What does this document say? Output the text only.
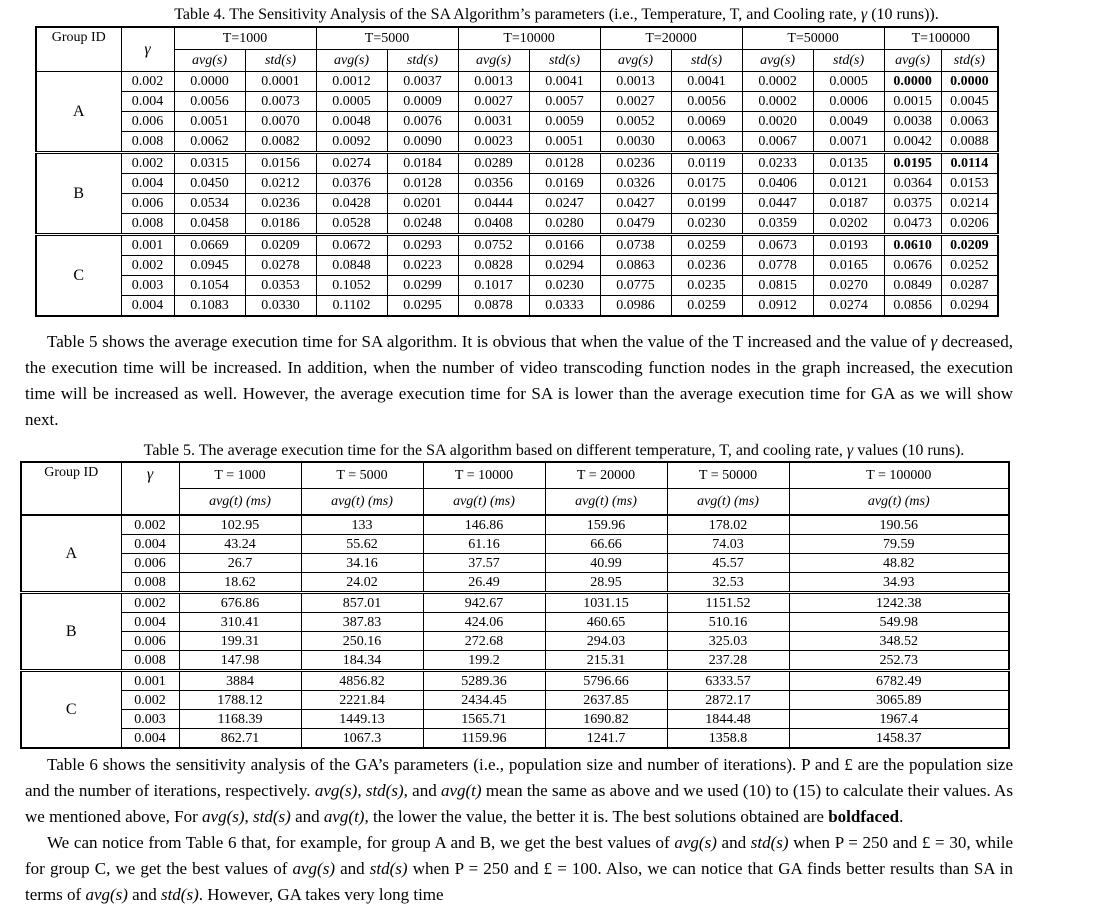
Table 4. The Sensitivity Analysis of the SA Algorithm’s parameters (i.e., Temperature, T, and Cooling rate, γ (10 runs)).
Group ID	γ	T=1000		T=5000		T=10000		T=20000		T=50000		T=100000	
		avg(s)	std(s)	avg(s)	std(s)	avg(s)	std(s)	avg(s)	std(s)	avg(s)	std(s)	avg(s)	std(s)
A	0.002	0.0000	0.0001	0.0012	0.0037	0.0013	0.0041	0.0013	0.0041	0.0002	0.0005	0.0000	0.0000
	0.004	0.0056	0.0073	0.0005	0.0009	0.0027	0.0057	0.0027	0.0056	0.0002	0.0006	0.0015	0.0045
	0.006	0.0051	0.0070	0.0048	0.0076	0.0031	0.0059	0.0052	0.0069	0.0020	0.0049	0.0038	0.0063
	0.008	0.0062	0.0082	0.0092	0.0090	0.0023	0.0051	0.0030	0.0063	0.0067	0.0071	0.0042	0.0088
B	0.002	0.0315	0.0156	0.0274	0.0184	0.0289	0.0128	0.0236	0.0119	0.0233	0.0135	0.0195	0.0114
	0.004	0.0450	0.0212	0.0376	0.0128	0.0356	0.0169	0.0326	0.0175	0.0406	0.0121	0.0364	0.0153
	0.006	0.0534	0.0236	0.0428	0.0201	0.0444	0.0247	0.0427	0.0199	0.0447	0.0187	0.0375	0.0214
	0.008	0.0458	0.0186	0.0528	0.0248	0.0408	0.0280	0.0479	0.0230	0.0359	0.0202	0.0473	0.0206
C	0.001	0.0669	0.0209	0.0672	0.0293	0.0752	0.0166	0.0738	0.0259	0.0673	0.0193	0.0610	0.0209
	0.002	0.0945	0.0278	0.0848	0.0223	0.0828	0.0294	0.0863	0.0236	0.0778	0.0165	0.0676	0.0252
	0.003	0.1054	0.0353	0.1052	0.0299	0.1017	0.0230	0.0775	0.0235	0.0815	0.0270	0.0849	0.0287
	0.004	0.1083	0.0330	0.1102	0.0295	0.0878	0.0333	0.0986	0.0259	0.0912	0.0274	0.0856	0.0294

Table 5 shows the average execution time for SA algorithm. It is obvious that when the value of the T increased and the value of γ decreased, the execution time will be increased. In addition, when the number of video transcoding function nodes in the graph increased, the execution time will be increased as well. However, the average execution time for SA is lower than the average execution time for GA as we will show next.

Table 5. The average execution time for the SA algorithm based on different temperature, T, and cooling rate, γ values (10 runs).
Group ID	γ	T = 1000	T = 5000	T = 10000	T = 20000	T = 50000	T = 100000
		avg(t) (ms)	avg(t) (ms)	avg(t) (ms)	avg(t) (ms)	avg(t) (ms)	avg(t) (ms)
A	0.002	102.95	133	146.86	159.96	178.02	190.56
	0.004	43.24	55.62	61.16	66.66	74.03	79.59
	0.006	26.7	34.16	37.57	40.99	45.57	48.82
	0.008	18.62	24.02	26.49	28.95	32.53	34.93
B	0.002	676.86	857.01	942.67	1031.15	1151.52	1242.38
	0.004	310.41	387.83	424.06	460.65	510.16	549.98
	0.006	199.31	250.16	272.68	294.03	325.03	348.52
	0.008	147.98	184.34	199.2	215.31	237.28	252.73
C	0.001	3884	4856.82	5289.36	5796.66	6333.57	6782.49
	0.002	1788.12	2221.84	2434.45	2637.85	2872.17	3065.89
	0.003	1168.39	1449.13	1565.71	1690.82	1844.48	1967.4
	0.004	862.71	1067.3	1159.96	1241.7	1358.8	1458.37

Table 6 shows the sensitivity analysis of the GA’s parameters (i.e., population size and number of iterations). P and £ are the population size and the number of iterations, respectively. avg(s), std(s), and avg(t) mean the same as above and we used (10) to (15) to calculate their values. As we mentioned above, For avg(s), std(s) and avg(t), the lower the value, the better it is. The best solutions obtained are boldfaced.

We can notice from Table 6 that, for example, for group A and B, we get the best values of avg(s) and std(s) when P = 250 and £ = 30, while for group C, we get the best values of avg(s) and std(s) when P = 250 and £ = 100. Also, we can notice that GA finds better results than SA in terms of avg(s) and std(s). However, GA takes very long time
